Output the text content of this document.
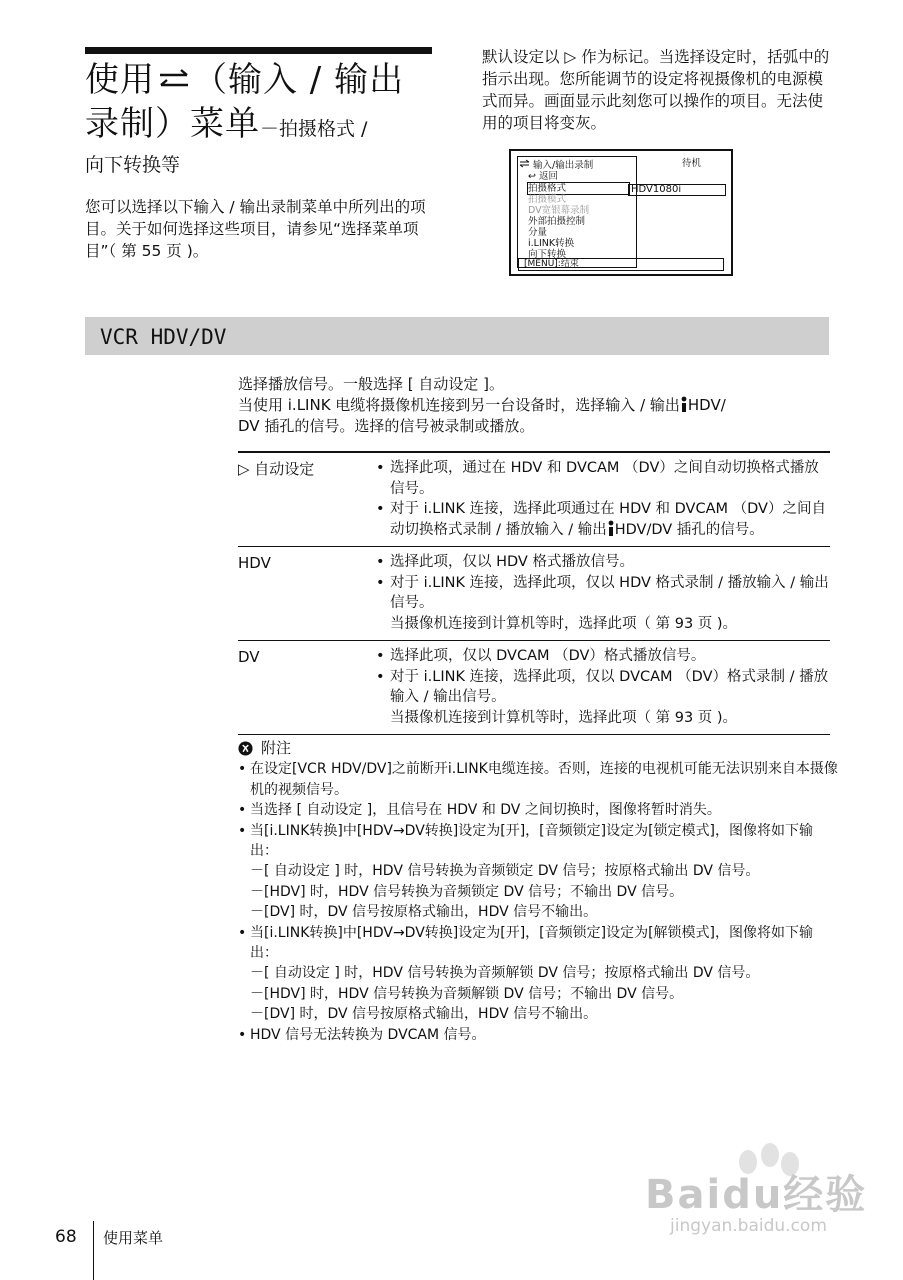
使用 （输入 / 输出
录制）菜单－拍摄格式 /
向下转换等
您可以选择以下输入 / 输出录制菜单中所列出的项目。关于如何选择这些项目，请参见“选择菜单项目”（ 第 55 页 )。
默认设定以 ▷ 作为标记。当选择设定时，括弧中的指示出现。您所能调节的设定将视摄像机的电源模式而异。画面显示此刻您可以操作的项目。无法使用的项目将变灰。
输入/输出录制	待机
↩ 返回
拍摄格式	HDV1080i
拍摄模式
DV宽银幕录制
外部拍摄控制
分量
i.LINK转换
向下转换
[MENU]:结束
VCR HDV/DV
选择播放信号。一般选择 [ 自动设定 ]。
当使用 i.LINK 电缆将摄像机连接到另一台设备时，选择输入 / 输出 HDV/
DV 插孔的信号。选择的信号被录制或播放。
▷ 自动设定	• 选择此项，通过在 HDV 和 DVCAM （DV）之间自动切换格式播放信号。
• 对于 i.LINK 连接，选择此项通过在 HDV 和 DVCAM （DV）之间自动切换格式录制 / 播放输入 / 输出 HDV/DV 插孔的信号。
HDV	• 选择此项，仅以 HDV 格式播放信号。
• 对于 i.LINK 连接，选择此项，仅以 HDV 格式录制 / 播放输入 / 输出信号。
当摄像机连接到计算机等时，选择此项（ 第 93 页 )。
DV	• 选择此项，仅以 DVCAM （DV）格式播放信号。
• 对于 i.LINK 连接，选择此项，仅以 DVCAM （DV）格式录制 / 播放输入 / 输出信号。
当摄像机连接到计算机等时，选择此项（ 第 93 页 )。
附注
• 在设定[VCR HDV/DV]之前断开i.LINK电缆连接。否则，连接的电视机可能无法识别来自本摄像机的视频信号。
• 当选择 [ 自动设定 ]，且信号在 HDV 和 DV 之间切换时，图像将暂时消失。
• 当[i.LINK转换]中[HDV→DV转换]设定为[开]，[音频锁定]设定为[锁定模式]，图像将如下输出：
－[ 自动设定 ] 时，HDV 信号转换为音频锁定 DV 信号；按原格式输出 DV 信号。
－[HDV] 时，HDV 信号转换为音频锁定 DV 信号；不输出 DV 信号。
－[DV] 时，DV 信号按原格式输出，HDV 信号不输出。
• 当[i.LINK转换]中[HDV→DV转换]设定为[开]，[音频锁定]设定为[解锁模式]，图像将如下输出：
－[ 自动设定 ] 时，HDV 信号转换为音频解锁 DV 信号；按原格式输出 DV 信号。
－[HDV] 时，HDV 信号转换为音频解锁 DV 信号；不输出 DV 信号。
－[DV] 时，DV 信号按原格式输出，HDV 信号不输出。
• HDV 信号无法转换为 DVCAM 信号。
Baidu经验
jingyan.baidu.com
68 使用菜单
